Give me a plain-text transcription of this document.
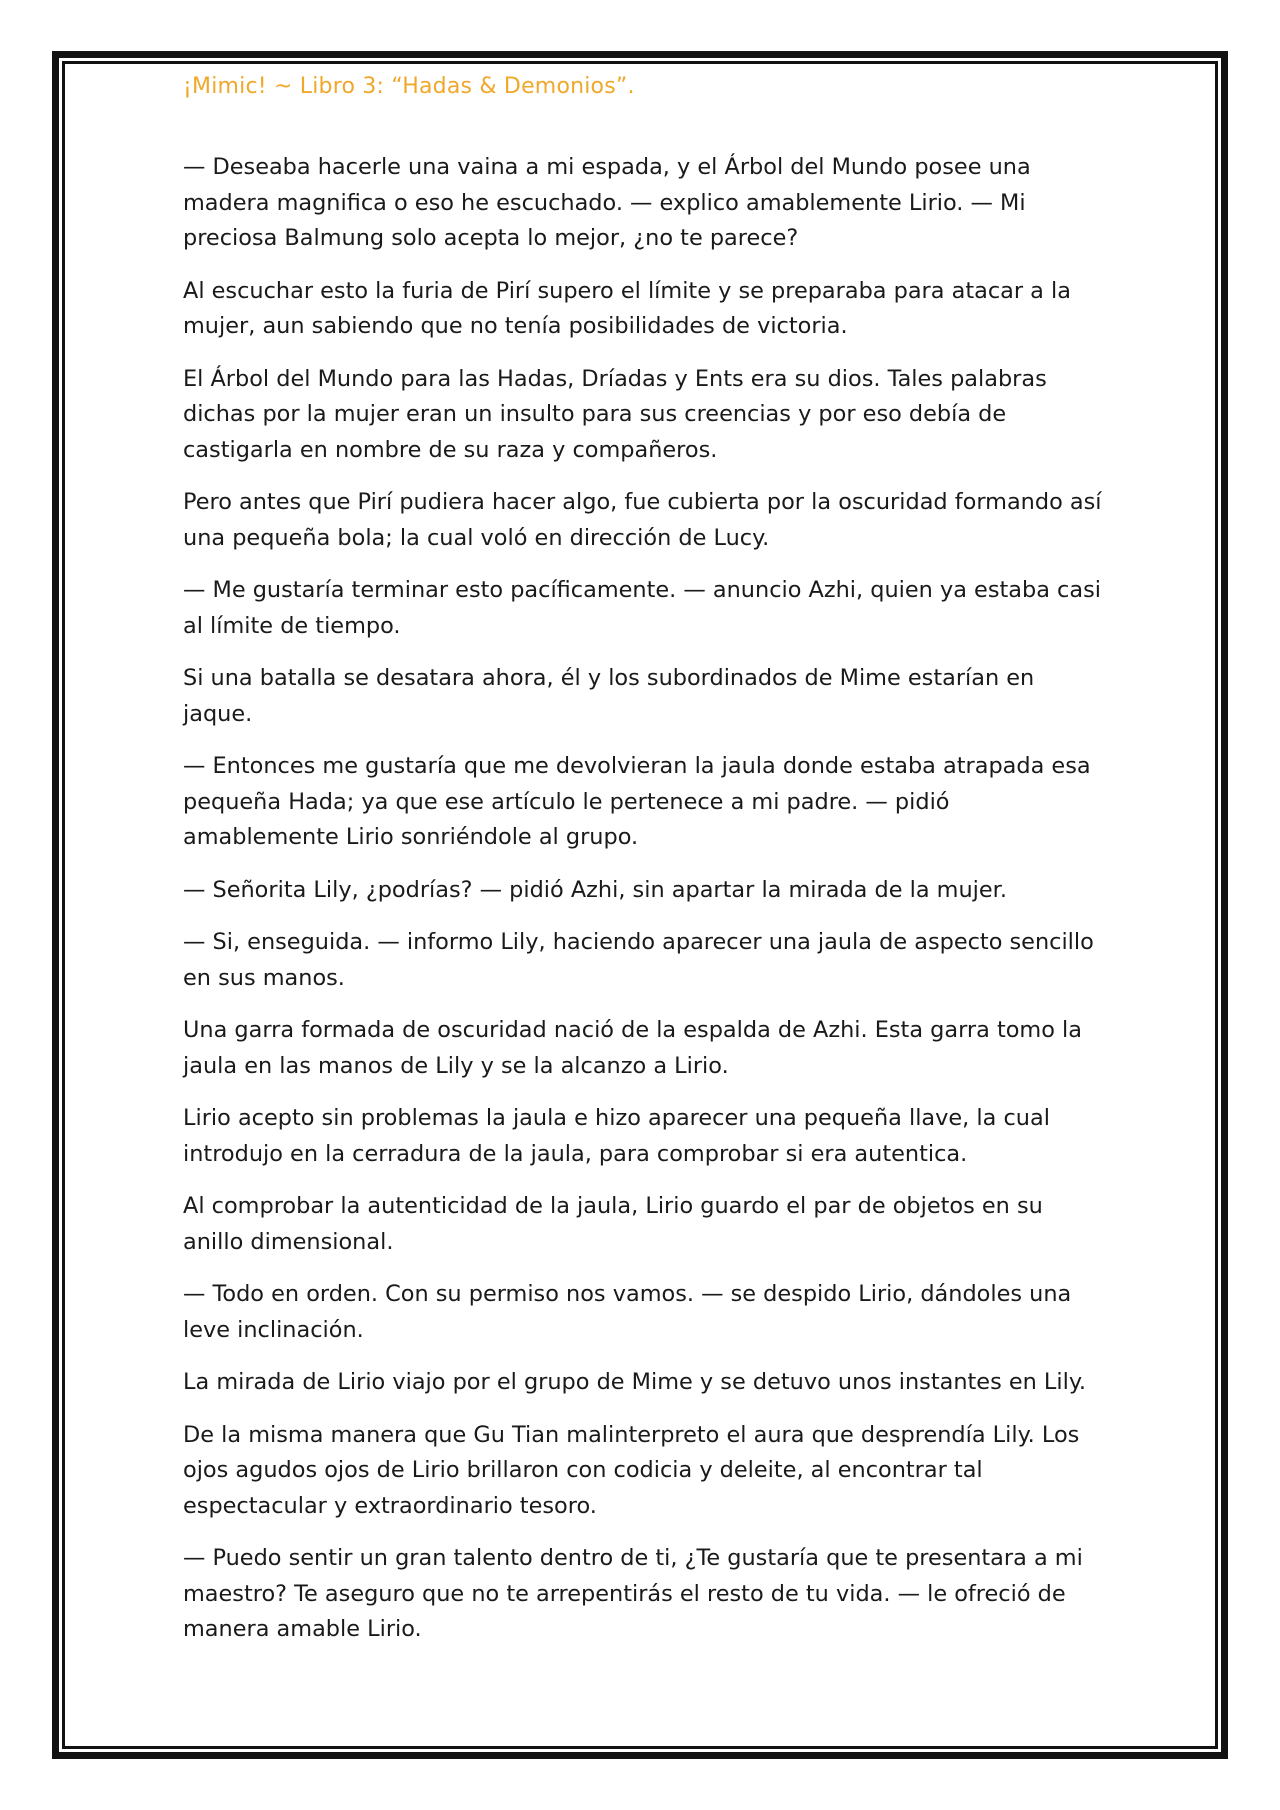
¡Mimic! ~ Libro 3: “Hadas & Demonios”.

— Deseaba hacerle una vaina a mi espada, y el Árbol del Mundo posee una madera magnifica o eso he escuchado. — explico amablemente Lirio. — Mi preciosa Balmung solo acepta lo mejor, ¿no te parece?

Al escuchar esto la furia de Pirí supero el límite y se preparaba para atacar a la mujer, aun sabiendo que no tenía posibilidades de victoria.

El Árbol del Mundo para las Hadas, Dríadas y Ents era su dios. Tales palabras dichas por la mujer eran un insulto para sus creencias y por eso debía de castigarla en nombre de su raza y compañeros.

Pero antes que Pirí pudiera hacer algo, fue cubierta por la oscuridad formando así una pequeña bola; la cual voló en dirección de Lucy.

— Me gustaría terminar esto pacíficamente. — anuncio Azhi, quien ya estaba casi al límite de tiempo.

Si una batalla se desatara ahora, él y los subordinados de Mime estarían en jaque.

— Entonces me gustaría que me devolvieran la jaula donde estaba atrapada esa pequeña Hada; ya que ese artículo le pertenece a mi padre. — pidió amablemente Lirio sonriéndole al grupo.

— Señorita Lily, ¿podrías? — pidió Azhi, sin apartar la mirada de la mujer.

— Si, enseguida. — informo Lily, haciendo aparecer una jaula de aspecto sencillo en sus manos.

Una garra formada de oscuridad nació de la espalda de Azhi. Esta garra tomo la jaula en las manos de Lily y se la alcanzo a Lirio.

Lirio acepto sin problemas la jaula e hizo aparecer una pequeña llave, la cual introdujo en la cerradura de la jaula, para comprobar si era autentica.

Al comprobar la autenticidad de la jaula, Lirio guardo el par de objetos en su anillo dimensional.

— Todo en orden. Con su permiso nos vamos. — se despido Lirio, dándoles una leve inclinación.

La mirada de Lirio viajo por el grupo de Mime y se detuvo unos instantes en Lily.

De la misma manera que Gu Tian malinterpreto el aura que desprendía Lily. Los ojos agudos ojos de Lirio brillaron con codicia y deleite, al encontrar tal espectacular y extraordinario tesoro.

— Puedo sentir un gran talento dentro de ti, ¿Te gustaría que te presentara a mi maestro? Te aseguro que no te arrepentirás el resto de tu vida. — le ofreció de manera amable Lirio.
